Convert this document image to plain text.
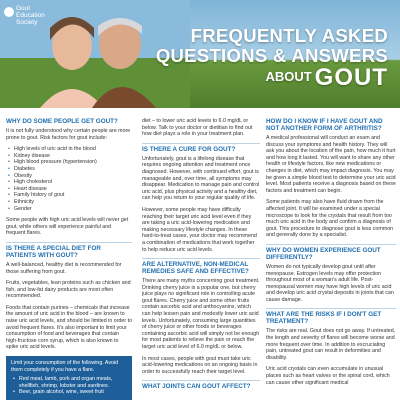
Gout
Education
Society
FREQUENTLY ASKED
QUESTIONS & ANSWERS
$^{ABOUT}$ GOUT
WHY DO SOME PEOPLE GET GOUT?

It is not fully understood why certain people are more prone to gout. Risk factors for gout include:

• High levels of uric acid in the blood
• Kidney disease
• High blood pressure (hypertension)
• Diabetes
• Obesity
• High cholesterol
• Heart disease
• Family history of gout
• Ethnicity
• Gender

Some people with high uric acid levels will never get gout, while others will experience painful and frequent flares.

IS THERE A SPECIAL DIET FOR PATIENTS WITH GOUT?

A well-balanced, healthy diet is recommended for those suffering from gout.

Fruits, vegetables, lean proteins such as chicken and fish, and low-fat dairy products are most often recommended.

Foods that contain purines – chemicals that increase the amount of uric acid in the blood – are known to raise uric acid levels, and should be limited in order to avoid frequent flares. It's also important to limit your consumption of food and beverages that contain high-fructose corn syrup, which is also known to spike uric acid levels.

Limit your consumption of the following. Avoid them completely if you have a flare.

• Red meat, lamb, pork and organ meats, shellfish, shrimp, lobster and sardines.
• Beer, grain alcohol, wine, sweet fruit

diet – to lower uric acid levels to 6.0 mg/dL or below. Talk to your doctor or dietitian to find out how diet plays a role in your treatment plan.

IS THERE A CURE FOR GOUT?

Unfortunately, gout is a lifelong disease that requires ongoing attention and treatment once diagnosed. However, with continued effort, gout is manageable and, over time, all symptoms may disappear. Medication to manage pain and control uric acid, plus physical activity and a healthy diet, can help you return to your regular quality of life.

However, some people may have difficulty reaching their target uric acid level even if they are taking a uric acid-lowering medication and making necessary lifestyle changes. In these hard-to-treat cases, your doctor may recommend a combination of medications that work together to help reduce uric acid levels.

ARE ALTERNATIVE, NON-MEDICAL REMEDIES SAFE AND EFFECTIVE?

There are many myths concerning gout treatment. Drinking cherry juice is a popular one, but cherry juice plays no significant role in controlling acute gout flares. Cherry juice and some other fruits contain ascorbic acid and anthocyanins, which can help lessen pain and modestly lower uric acid levels. Unfortunately, consuming large quantities of cherry juice or other foods or beverages containing ascorbic acid will simply not be enough for most patients to relieve the pain or reach the target uric acid level of 6.0 mg/dL or below.

In most cases, people with gout must take uric acid-lowering medications on an ongoing basis in order to successfully reach their target level.

WHAT JOINTS CAN GOUT AFFECT?
HOW DO I KNOW IF I HAVE GOUT AND NOT ANOTHER FORM OF ARTHRITIS?

A medical professional will conduct an exam and discuss your symptoms and health history. They will ask you about the location of the pain, how much it hurt and how long it lasted. You will want to share any other health or lifestyle factors, like new medications or changes in diet, which may impact diagnosis. You may be given a simple blood test to determine your uric acid level. Most patients receive a diagnosis based on these factors and treatment can begin.

Some patients may also have fluid drawn from the affected joint. It will be examined under a special microscope to look for the crystals that result from too much uric acid in the body and confirm a diagnosis of gout. This procedure to diagnose gout is less common and generally done by a specialist.

WHY DO WOMEN EXPERIENCE GOUT DIFFERENTLY?

Women do not typically develop gout until after menopause. Estrogen levels may offer protection throughout most of a woman's adult life. Post-menopausal women may have high levels of uric acid and develop uric acid crystal deposits in joints that can cause damage.

WHAT ARE THE RISKS IF I DON'T GET TREATMENT?

The risks are real. Gout does not go away. If untreated, the length and severity of flares will become worse and more frequent over time. In addition to excruciating pain, untreated gout can result in deformities and disability.

Uric acid crystals can even accumulate in unusual places such as heart valves or the spinal cord, which can cause other significant medical
